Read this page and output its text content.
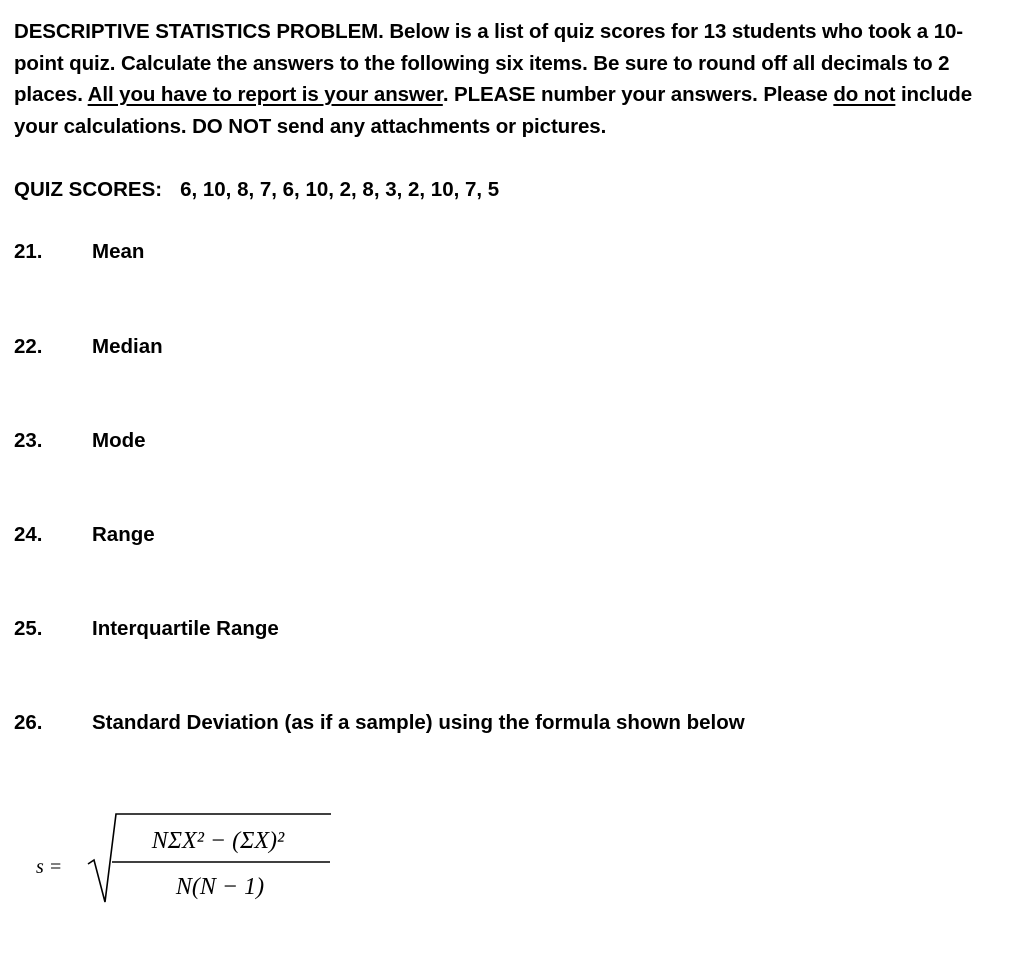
DESCRIPTIVE STATISTICS PROBLEM. Below is a list of quiz scores for 13 students who took a 10-point quiz. Calculate the answers to the following six items. Be sure to round off all decimals to 2 places. All you have to report is your answer. PLEASE number your answers. Please do not include your calculations. DO NOT send any attachments or pictures.
QUIZ SCORES: 6, 10, 8, 7, 6, 10, 2, 8, 3, 2, 10, 7, 5
21. Mean
22. Median
23. Mode
24. Range
25. Interquartile Range
26. Standard Deviation (as if a sample) using the formula shown below
s =
NΣX² − (ΣX)²
N(N − 1)
